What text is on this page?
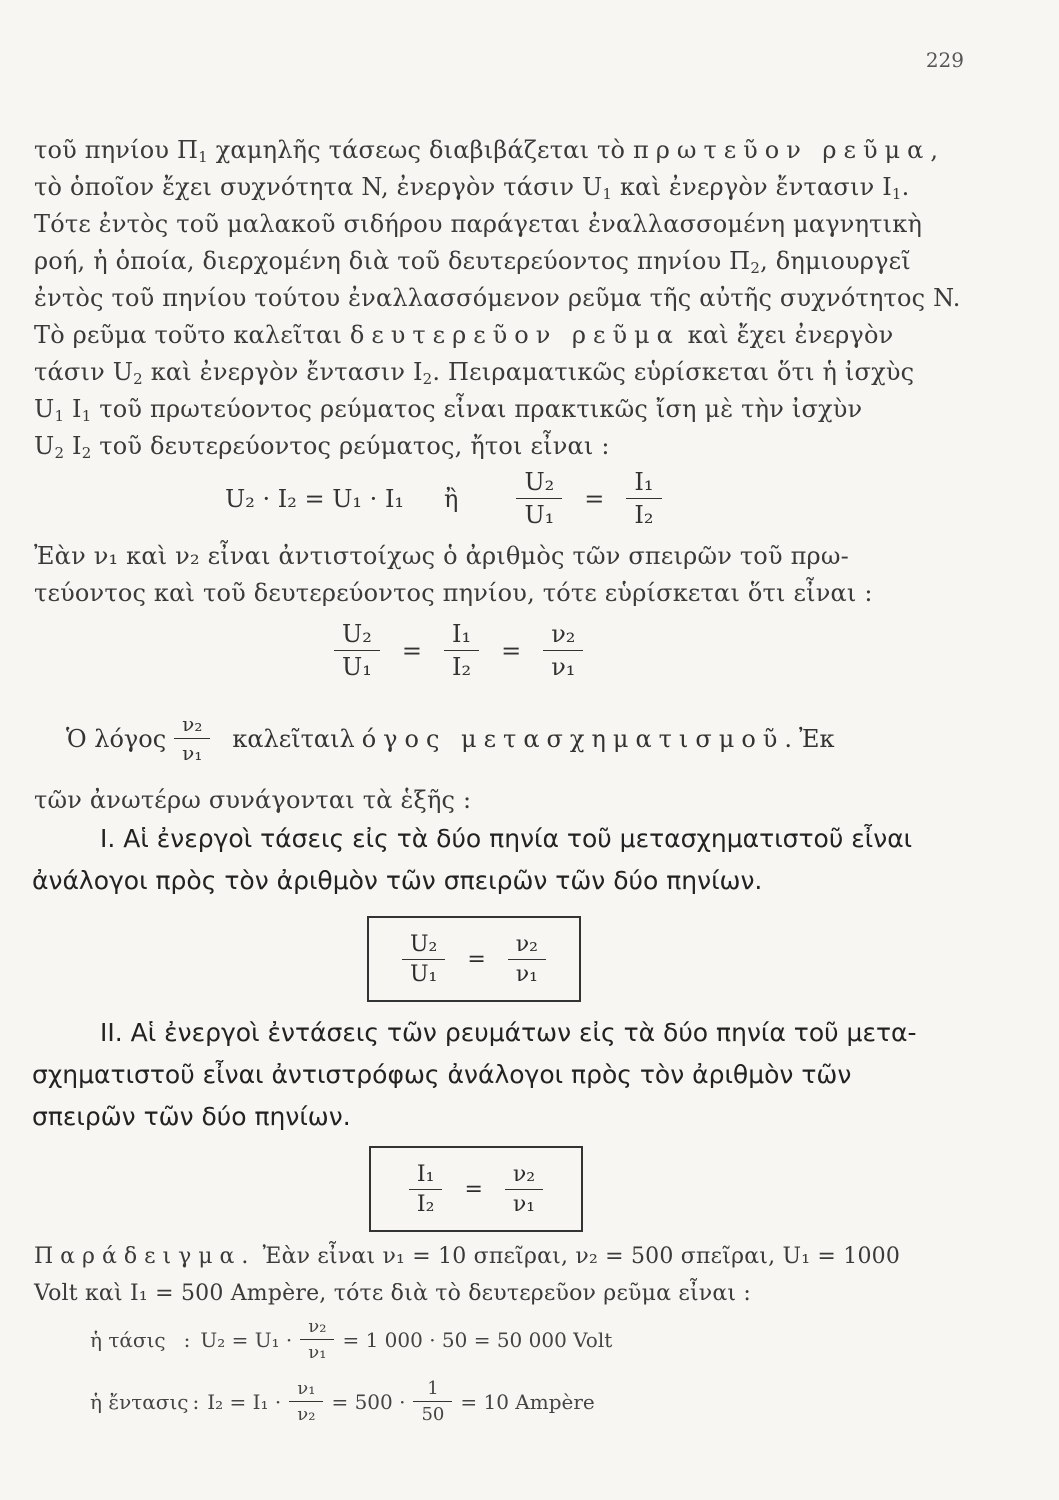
229
τοῦ πηνίου $\Pi_1$ χαμηλῆς τάσεως διαβιβάζεται τὸ πρωτεῦον ρεῦμα,
τὸ ὁποῖον ἔχει συχνότητα N, ἐνεργὸν τάσιν $U_1$ καὶ ἐνεργὸν ἔντασιν $I_1$.
Τότε ἐντὸς τοῦ μαλακοῦ σιδήρου παράγεται ἐναλλασσομένη μαγνητικὴ
ροή, ἡ ὁποία, διερχομένη διὰ τοῦ δευτερεύοντος πηνίου $\Pi_2$, δημιουργεῖ
ἐντὸς τοῦ πηνίου τούτου ἐναλλασσόμενον ρεῦμα τῆς αὐτῆς συχνότητος N.
Τὸ ρεῦμα τοῦτο καλεῖται δευτερεῦον ρεῦμα καὶ ἔχει ἐνεργὸν
τάσιν $U_2$ καὶ ἐνεργὸν ἔντασιν $I_2$. Πειραματικῶς εὑρίσκεται ὅτι ἡ ἰσχὺς
$U_1$ $I_1$ τοῦ πρωτεύοντος ρεύματος εἶναι πρακτικῶς ἴση μὲ τὴν ἰσχὺν
$U_2$ $I_2$ τοῦ δευτερεύοντος ρεύματος, ἤτοι εἶναι :
U₂ · I₂ = U₁ · I₁ ἢ $\frac{\text{U₂}}{\text{U₁}} = \frac{\text{I₁}}{\text{I₂}}$
Ἐὰν ν₁ καὶ ν₂ εἶναι ἀντιστοίχως ὁ ἀριθμὸς τῶν σπειρῶν τοῦ πρω-
τεύοντος καὶ τοῦ δευτερεύοντος πηνίου, τότε εὑρίσκεται ὅτι εἶναι :
$\frac{\text{U₂}}{\text{U₁}} = \frac{\text{I₁}}{\text{I₂}} = \frac{\text{ν₂}}{\text{ν₁}}$
Ὁ λόγος $\frac{\text{ν₂}}{\text{ν₁}}$ καλεῖται λόγος μετασχηματισμοῦ. Ἐκ
τῶν ἀνωτέρω συνάγονται τὰ ἑξῆς :
I. Αἱ ἐνεργοὶ τάσεις εἰς τὰ δύο πηνία τοῦ μετασχηματιστοῦ εἶναι
ἀνάλογοι πρὸς τὸν ἀριθμὸν τῶν σπειρῶν τῶν δύο πηνίων.
$\frac{\text{U₂}}{\text{U₁}} = \frac{\text{ν₂}}{\text{ν₁}}$
II. Αἱ ἐνεργοὶ ἐντάσεις τῶν ρευμάτων εἰς τὰ δύο πηνία τοῦ μετα-
σχηματιστοῦ εἶναι ἀντιστρόφως ἀνάλογοι πρὸς τὸν ἀριθμὸν τῶν
σπειρῶν τῶν δύο πηνίων.
$\frac{\text{I₁}}{\text{I₂}} = \frac{\text{ν₂}}{\text{ν₁}}$
Παράδειγμα. Ἐὰν εἶναι ν₁ = 10 σπεῖραι, ν₂ = 500 σπεῖραι, U₁ = 1000
Volt καὶ I₁ = 500 Ampère, τότε διὰ τὸ δευτερεῦον ρεῦμα εἶναι :
ἡ τάσις : $U_2 = U_1 \cdot \frac{\text{ν₂}}{\text{ν₁}} = 1$ 000 · 50 = 50 000 Volt
ἡ ἔντασις : $I_2 = I_1 \cdot \frac{\text{ν₁}}{\text{ν₂}} = 500 \cdot \frac{1}{50} = 10$ Ampère
